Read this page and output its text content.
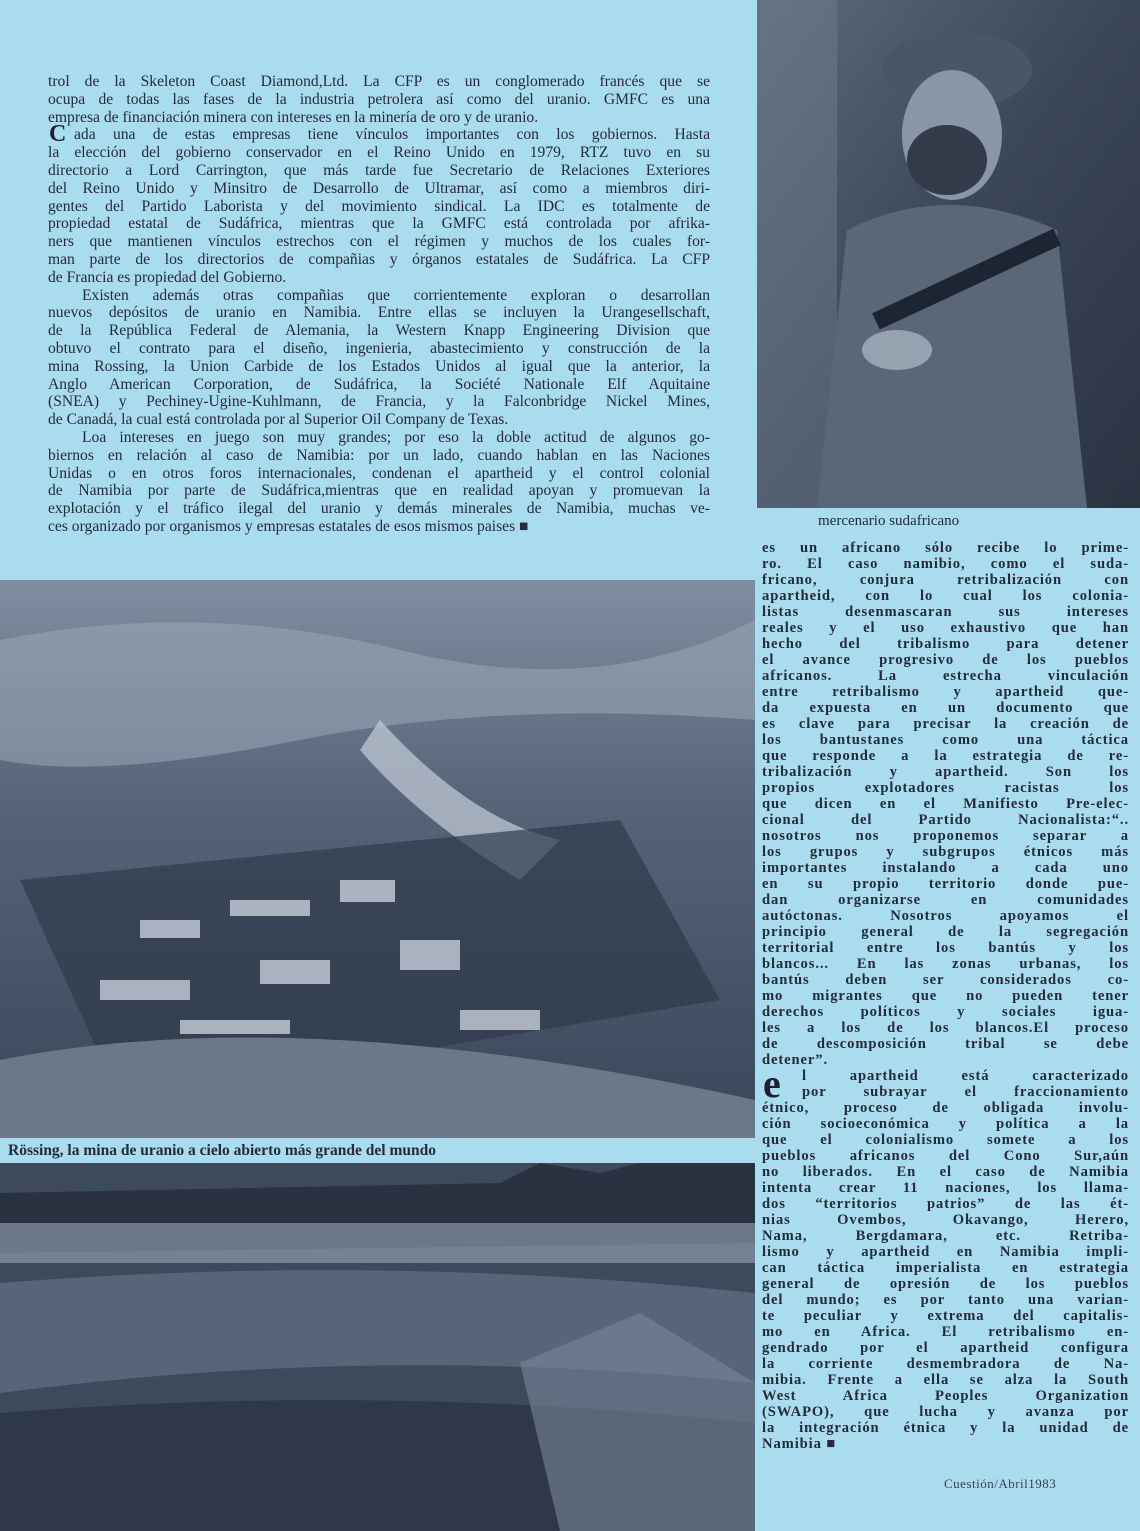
mercenario sudafricano
C
trol de la Skeleton Coast Diamond,Ltd. La CFP es un conglomerado francés que se
ocupa de todas las fases de la industria petrolera así como del uranio. GMFC es una
empresa de financiación minera con intereses en la minería de oro y de uranio.
ada una de estas empresas tiene vínculos importantes con los gobiernos. Hasta
la elección del gobierno conservador en el Reino Unido en 1979, RTZ tuvo en su
directorio a Lord Carrington, que más tarde fue Secretario de Relaciones Exteriores
del Reino Unido y Minsitro de Desarrollo de Ultramar, así como a miembros diri-
gentes del Partido Laborista y del movimiento sindical. La IDC es totalmente de
propiedad estatal de Sudáfrica, mientras que la GMFC está controlada por afrika-
ners que mantienen vínculos estrechos con el régimen y muchos de los cuales for-
man parte de los directorios de compañias y órganos estatales de Sudáfrica. La CFP
de Francia es propiedad del Gobierno.
Existen además otras compañias que corrientemente exploran o desarrollan
nuevos depósitos de uranio en Namibia. Entre ellas se incluyen la Urangesellschaft,
de la República Federal de Alemania, la Western Knapp Engineering Division que
obtuvo el contrato para el diseño, ingenieria, abastecimiento y construcción de la
mina Rossing, la Union Carbide de los Estados Unidos al igual que la anterior, la
Anglo American Corporation, de Sudáfrica, la Société Nationale Elf Aquitaine
(SNEA) y Pechiney-Ugine-Kuhlmann, de Francia, y la Falconbridge Nickel Mines,
de Canadá, la cual está controlada por al Superior Oil Company de Texas.
Loa intereses en juego son muy grandes; por eso la doble actitud de algunos go-
biernos en relación al caso de Namibia: por un lado, cuando hablan en las Naciones
Unidas o en otros foros internacionales, condenan el apartheid y el control colonial
de Namibia por parte de Sudáfrica,mientras que en realidad apoyan y promuevan la
explotación y el tráfico ilegal del uranio y demás minerales de Namibia, muchas ve-
ces organizado por organismos y empresas estatales de esos mismos paises ■
Rössing, la mina de uranio a cielo abierto más grande del mundo
e
es un africano sólo recibe lo prime-
ro. El caso namibio, como el suda-
fricano, conjura retribalización con
apartheid, con lo cual los colonia-
listas desenmascaran sus intereses
reales y el uso exhaustivo que han
hecho del tribalismo para detener
el avance progresivo de los pueblos
africanos. La estrecha vinculación
entre retribalismo y apartheid que-
da expuesta en un documento que
es clave para precisar la creación de
los bantustanes como una táctica
que responde a la estrategia de re-
tribalización y apartheid. Son los
propios explotadores racistas los
que dicen en el Manifiesto Pre-elec-
cional del Partido Nacionalista:“..
nosotros nos proponemos separar a
los grupos y subgrupos étnicos más
importantes instalando a cada uno
en su propio territorio donde pue-
dan organizarse en comunidades
autóctonas. Nosotros apoyamos el
principio general de la segregación
territorial entre los bantús y los
blancos... En las zonas urbanas, los
bantús deben ser considerados co-
mo migrantes que no pueden tener
derechos políticos y sociales igua-
les a los de los blancos.El proceso
de descomposición tribal se debe
detener”.
l apartheid está caracterizado
por subrayar el fraccionamiento
étnico, proceso de obligada involu-
ción socioeconómica y política a la
que el colonialismo somete a los
pueblos africanos del Cono Sur,aún
no liberados. En el caso de Namibia
intenta crear 11 naciones, los llama-
dos “territorios patrios” de las ét-
nias Ovembos, Okavango, Herero,
Nama, Bergdamara, etc. Retriba-
lismo y apartheid en Namibia impli-
can táctica imperialista en estrategia
general de opresión de los pueblos
del mundo; es por tanto una varian-
te peculiar y extrema del capitalis-
mo en Africa. El retribalismo en-
gendrado por el apartheid configura
la corriente desmembradora de Na-
mibia. Frente a ella se alza la South
West Africa Peoples Organization
(SWAPO), que lucha y avanza por
la integración étnica y la unidad de
Namibia ■
Cuestión/Abril1983
